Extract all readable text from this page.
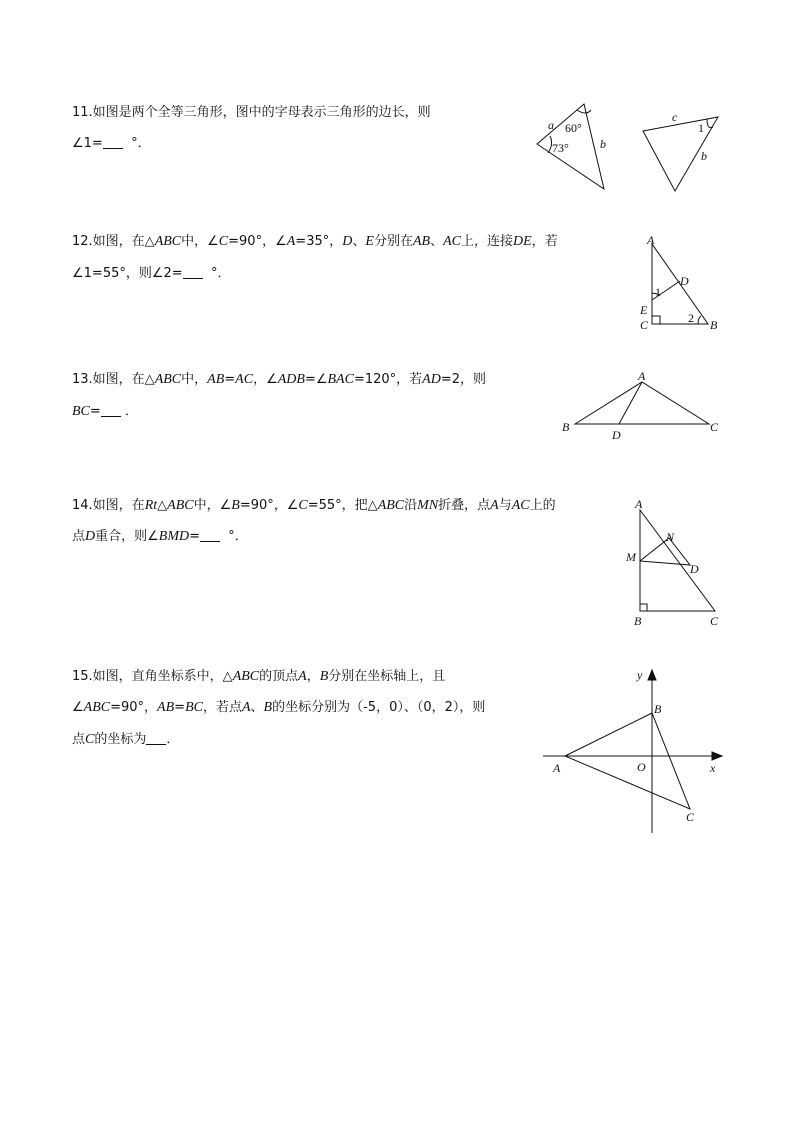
11.如图是两个全等三角形，图中的字母表示三角形的边长，则
∠1= °．
a 60°
73°	b
c
1
b
12.如图，在△ABC中，∠C=90°，∠A=35°，D、E分别在AB、AC上，连接DE，若
∠1=55°，则∠2= °．
A
D
1
E
C	2 B
13.如图，在△ABC中，AB=AC，∠ADB=∠BAC=120°，若AD=2，则
BC= ．
A
B
D
C
14.如图，在Rt△ABC中，∠B=90°，∠C=55°，把△ABC沿MN折叠，点A与AC上的
点D重合，则∠BMD= °．
A
N
M
D
B	C
15.如图，直角坐标系中，△ABC的顶点A，B分别在坐标轴上，且
∠ABC=90°，AB=BC，若点A、B的坐标分别为（-5，0）、（0，2），则
点C的坐标为 ．
y
B
A	O	x
C
